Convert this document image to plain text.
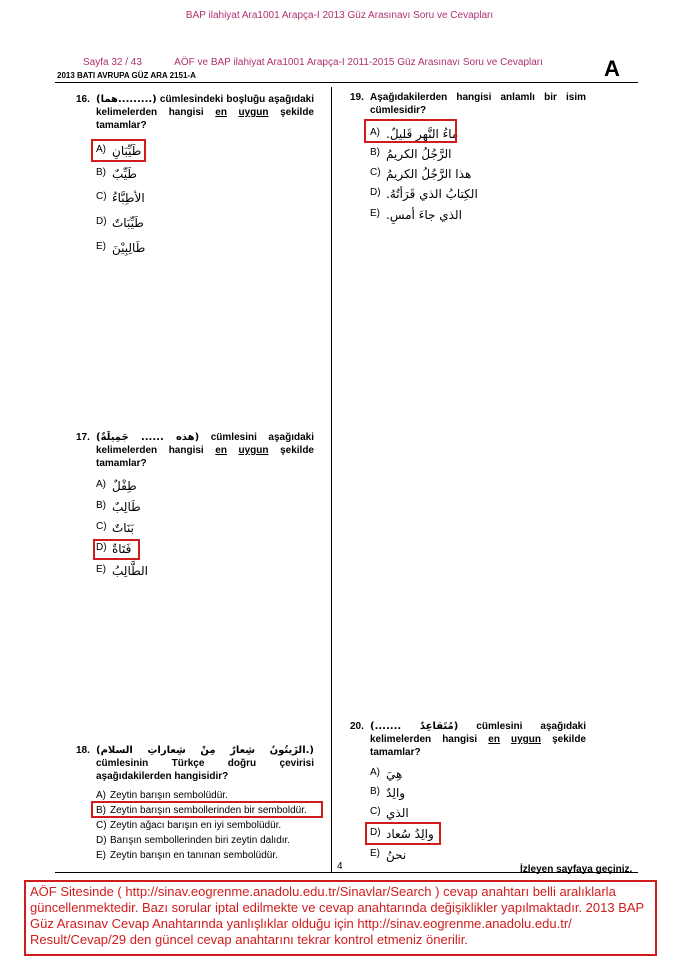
BAP ilahiyat Ara1001 Arapça-I 2013 Güz Arasınavı Soru ve Cevapları
Sayfa 32 / 43	AÖF ve BAP ilahiyat Ara1001 Arapça-I 2011-2015 Güz Arasınavı Soru ve Cevapları
2013 BATI AVRUPA GÜZ ARA 2151-A	A
16. (هما.........) cümlesindeki boşluğu aşağıdaki kelimelerden hangisi en uygun şekilde tamamlar?
A) طَيِّبَانِ
B) طَيِّبٌ
C) الأطِبَّاءُ
D) طَيِّبَاتٌ
E) طَالِبِيْنَ
17. (هذه ...... جَمِيلَةٌ) cümlesini aşağıdaki kelimelerden hangisi en uygun şekilde tamamlar?
A) طِفْلٌ
B) طَالِبٌ
C) بَنَاتٌ
D) فَتَاةٌ
E) الطَّالِبُ
18. (الزَيتُونُ شِعارٌ مِنْ شِعاراتِ السلام.) cümlesinin Türkçe doğru çevirisi aşağıdakilerden hangisidir?
A) Zeytin barışın sembolüdür.
B) Zeytin barışın sembollerinden bir semboldür.
C) Zeytin ağacı barışın en iyi sembolüdür.
D) Barışın sembollerinden biri zeytin dalıdır.
E) Zeytin barışın en tanınan sembolüdür.
19. Aşağıdakilerden hangisi anlamlı bir isim cümlesidir?
A) ماءُ النَّهرِ قَليلٌ.
B) الرَّجُلُ الكريمُ
C) هذا الرَّجُلُ الكريمُ
D) الكِتابُ الذي قَرَأتُهُ.
E) الذي جاءَ أمسِ.
20. (....... مُتَقاعِدٌ) cümlesini aşağıdaki kelimelerden hangisi en uygun şekilde tamamlar?
A) هِيَ
B) والِدٌ
C) الذي
D) والِدُ سُعاد
E) نحنُ
4	İzleyen sayfaya geçiniz.
AÖF Sitesinde ( http://sinav.eogrenme.anadolu.edu.tr/Sinavlar/Search ) cevap anahtarı belli aralıklarla güncellenmektedir. Bazı sorular iptal edilmekte ve cevap anahtarında değişiklikler yapılmaktadır. 2013 BAP Güz Arasınav Cevap Anahtarında yanlışlıklar olduğu için http://sinav.eogrenme.anadolu.edu.tr/ Result/Cevap/29 den güncel cevap anahtarını tekrar kontrol etmeniz önerilir.
